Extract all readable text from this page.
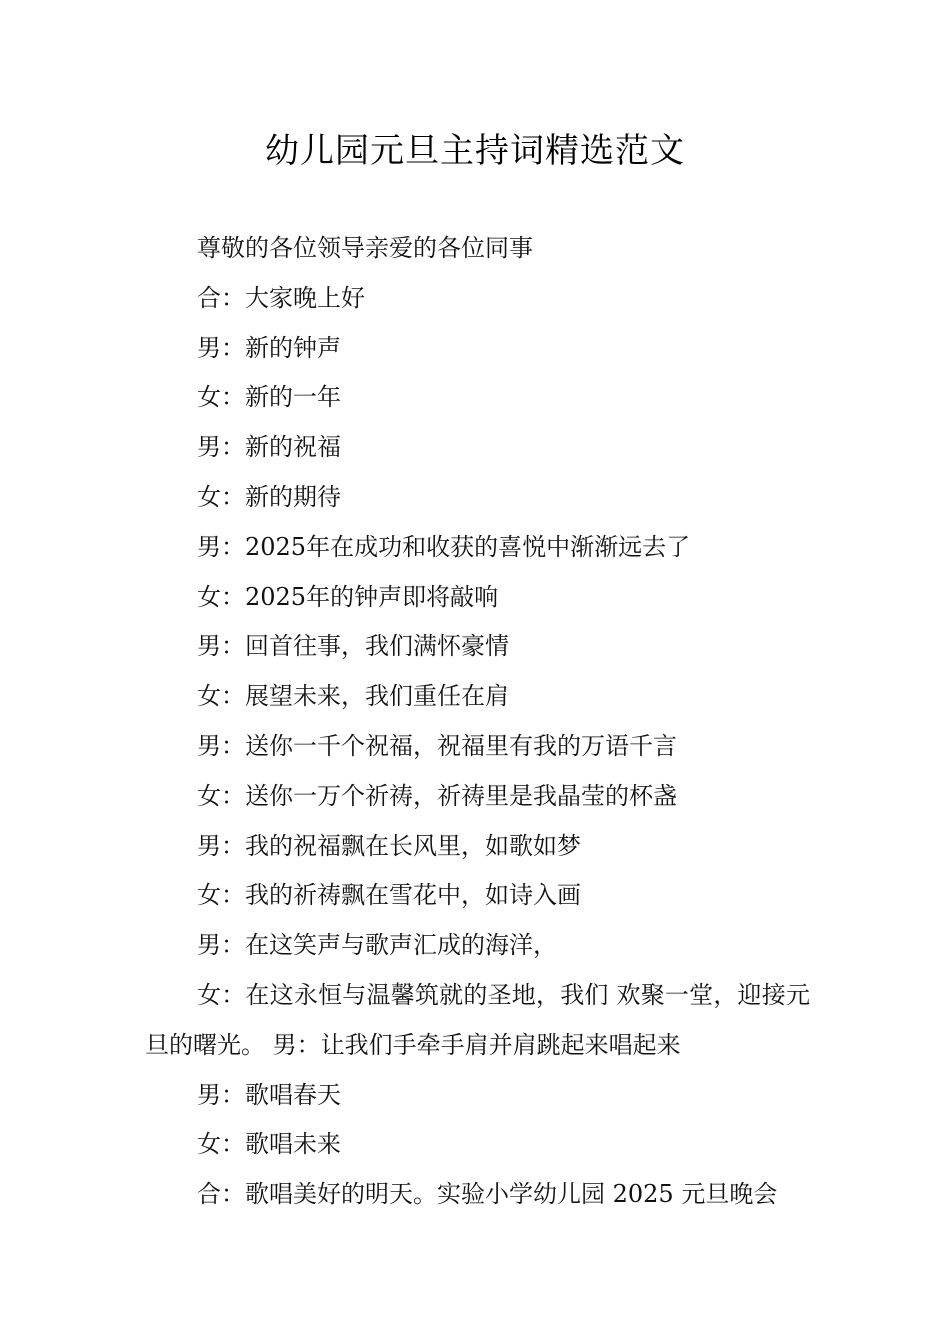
幼儿园元旦主持词精选范文

尊敬的各位领导亲爱的各位同事

合：大家晚上好

男：新的钟声

女：新的一年

男：新的祝福

女：新的期待

男：2025年在成功和收获的喜悦中渐渐远去了

女：2025年的钟声即将敲响

男：回首往事，我们满怀豪情

女：展望未来，我们重任在肩

男：送你一千个祝福，祝福里有我的万语千言

女：送你一万个祈祷，祈祷里是我晶莹的杯盏

男：我的祝福飘在长风里，如歌如梦

女：我的祈祷飘在雪花中，如诗入画

男：在这笑声与歌声汇成的海洋，

女：在这永恒与温馨筑就的圣地，我们 欢聚一堂，迎接元旦的曙光。 男：让我们手牵手肩并肩跳起来唱起来

男：歌唱春天

女：歌唱未来

合：歌唱美好的明天。实验小学幼儿园 2025 元旦晚会
